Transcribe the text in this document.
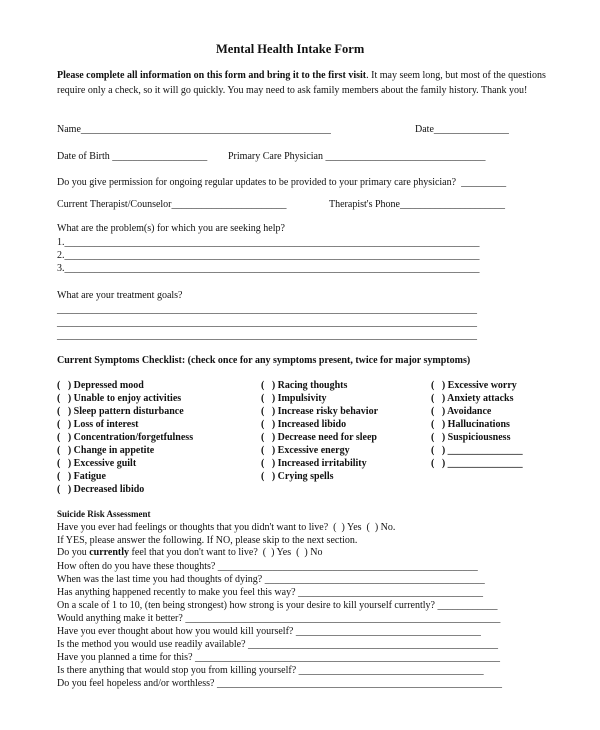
Mental Health Intake Form
Please complete all information on this form and bring it to the first visit. It may seem long, but most of the questions require only a check, so it will go quickly. You may need to ask family members about the family history. Thank you!
Name__________________________________________________	Date_______________
Date of Birth ___________________ Primary Care Physician ________________________________
Do you give permission for ongoing regular updates to be provided to your primary care physician? _________
Current Therapist/Counselor_______________________	Therapist's Phone_____________________
What are the problem(s) for which you are seeking help?
1.___________________________________________________________________________________
2.___________________________________________________________________________________
3.___________________________________________________________________________________
What are your treatment goals?
____________________________________________________________________________________
____________________________________________________________________________________
____________________________________________________________________________________
Current Symptoms Checklist: (check once for any symptoms present, twice for major symptoms)
(   ) Depressed mood
(   ) Unable to enjoy activities
(   ) Sleep pattern disturbance
(   ) Loss of interest
(   ) Concentration/forgetfulness
(   ) Change in appetite
(   ) Excessive guilt
(   ) Fatigue
(   ) Decreased libido
(   ) Racing thoughts
(   ) Impulsivity
(   ) Increase risky behavior
(   ) Increased libido
(   ) Decrease need for sleep
(   ) Excessive energy
(   ) Increased irritability
(   ) Crying spells
(   ) Excessive worry
(   ) Anxiety attacks
(   ) Avoidance
(   ) Hallucinations
(   ) Suspiciousness
(   ) _______________
(   ) _______________
Suicide Risk Assessment
Have you ever had feelings or thoughts that you didn't want to live?  (  ) Yes  (  ) No.
If YES, please answer the following. If NO, please skip to the next section.
Do you currently feel that you don't want to live?  (  ) Yes  (  ) No
How often do you have these thoughts? ____________________________________________________
When was the last time you had thoughts of dying? ____________________________________________
Has anything happened recently to make you feel this way? _____________________________________
On a scale of 1 to 10, (ten being strongest) how strong is your desire to kill yourself currently? ____________
Would anything make it better? _______________________________________________________________
Have you ever thought about how you would kill yourself? _____________________________________
Is the method you would use readily available? __________________________________________________
Have you planned a time for this? _____________________________________________________________
Is there anything that would stop you from killing yourself? _____________________________________
Do you feel hopeless and/or worthless? _________________________________________________________
